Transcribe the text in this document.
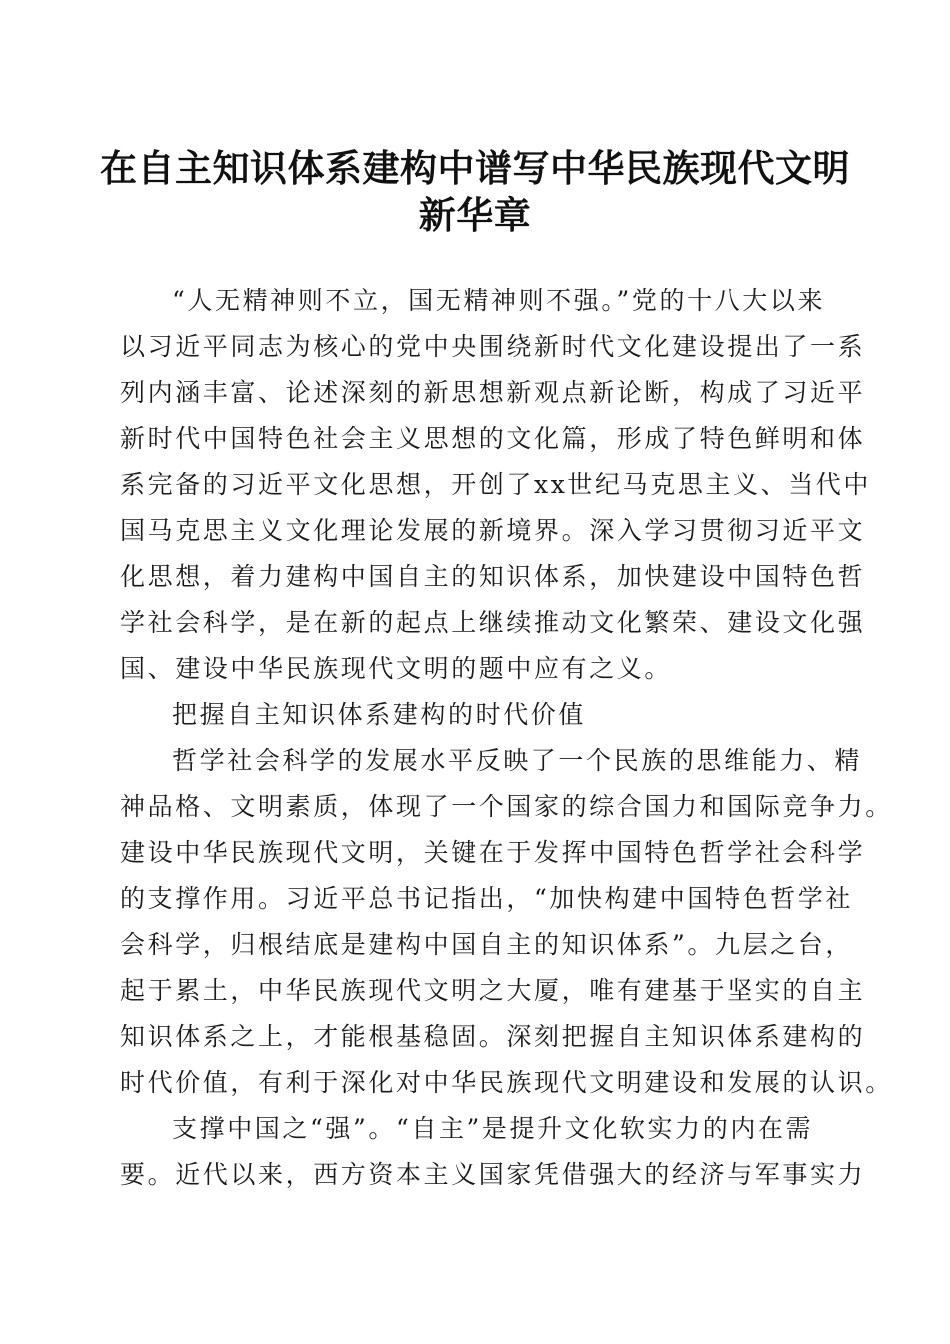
在自主知识体系建构中谱写中华民族现代文明
新华章
“人无精神则不立，国无精神则不强。”党的十八大以来
以习近平同志为核心的党中央围绕新时代文化建设提出了一系
列内涵丰富、论述深刻的新思想新观点新论断，构成了习近平
新时代中国特色社会主义思想的文化篇，形成了特色鲜明和体
系完备的习近平文化思想，开创了xx世纪马克思主义、当代中
国马克思主义文化理论发展的新境界。深入学习贯彻习近平文
化思想，着力建构中国自主的知识体系，加快建设中国特色哲
学社会科学，是在新的起点上继续推动文化繁荣、建设文化强
国、建设中华民族现代文明的题中应有之义。
把握自主知识体系建构的时代价值
哲学社会科学的发展水平反映了一个民族的思维能力、精
神品格、文明素质，体现了一个国家的综合国力和国际竞争力。
建设中华民族现代文明，关键在于发挥中国特色哲学社会科学
的支撑作用。习近平总书记指出，“加快构建中国特色哲学社
会科学，归根结底是建构中国自主的知识体系”。九层之台，
起于累土，中华民族现代文明之大厦，唯有建基于坚实的自主
知识体系之上，才能根基稳固。深刻把握自主知识体系建构的
时代价值，有利于深化对中华民族现代文明建设和发展的认识。
支撑中国之“强”。“自主”是提升文化软实力的内在需
要。近代以来，西方资本主义国家凭借强大的经济与军事实力
